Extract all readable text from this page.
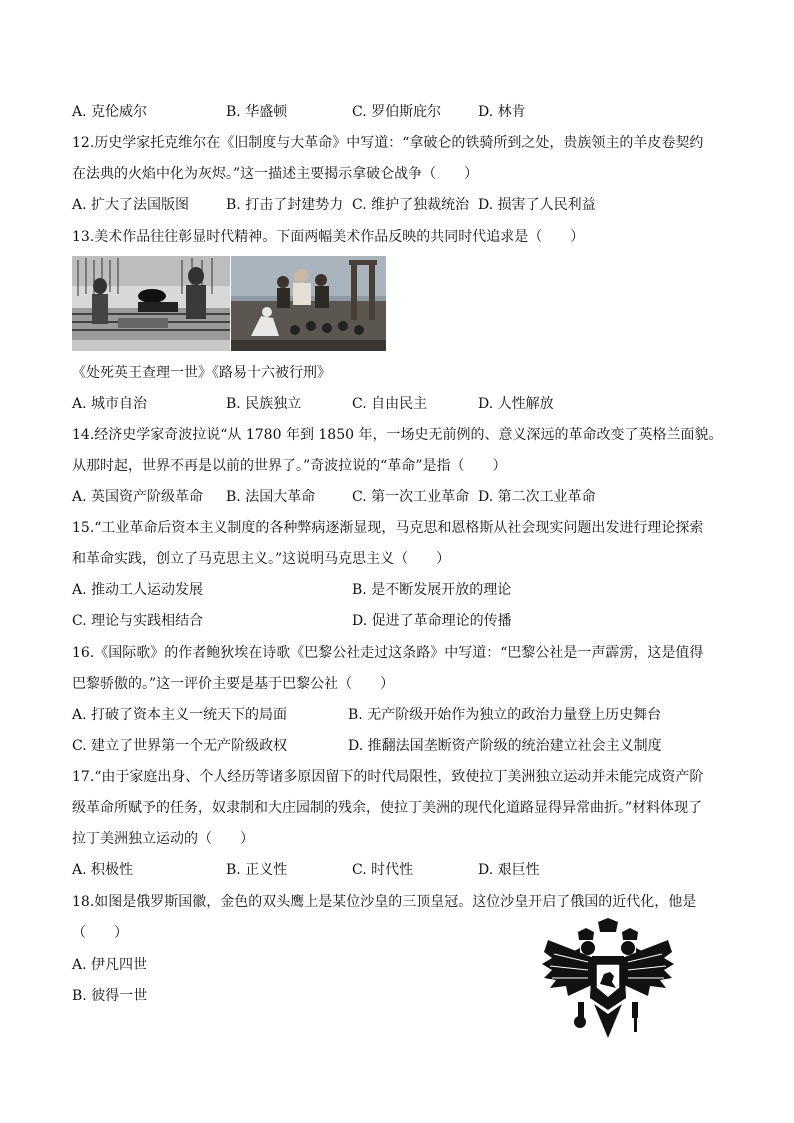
A. 克伦威尔	B. 华盛顿	C. 罗伯斯庇尔	D. 林肯
12.历史学家托克维尔在《旧制度与大革命》中写道：“拿破仑的铁骑所到之处，贵族领主的羊皮卷契约
在法典的火焰中化为灰烬。”这一描述主要揭示拿破仑战争（　　）
A. 扩大了法国版图	B. 打击了封建势力 C. 维护了独裁统治 D. 损害了人民利益
13.美术作品往往彰显时代精神。下面两幅美术作品反映的共同时代追求是（　　）
《处死英王查理一世》《路易十六被行刑》
A. 城市自治	B. 民族独立	C. 自由民主	D. 人性解放
14.经济史学家奇波拉说“从 1780 年到 1850 年，一场史无前例的、意义深远的革命改变了英格兰面貌。
从那时起，世界不再是以前的世界了。”奇波拉说的“革命”是指（　　）
A. 英国资产阶级革命 B. 法国大革命	C. 第一次工业革命 D. 第二次工业革命
15.“工业革命后资本主义制度的各种弊病逐渐显现，马克思和恩格斯从社会现实问题出发进行理论探索
和革命实践，创立了马克思主义。”这说明马克思主义（　　）
A. 推动工人运动发展	B. 是不断发展开放的理论
C. 理论与实践相结合	D. 促进了革命理论的传播
16.《国际歌》的作者鲍狄埃在诗歌《巴黎公社走过这条路》中写道：“巴黎公社是一声霹雳，这是值得
巴黎骄傲的。”这一评价主要是基于巴黎公社（　　）
A. 打破了资本主义一统天下的局面	B. 无产阶级开始作为独立的政治力量登上历史舞台
C. 建立了世界第一个无产阶级政权	D. 推翻法国垄断资产阶级的统治建立社会主义制度
17.“由于家庭出身、个人经历等诸多原因留下的时代局限性，致使拉丁美洲独立运动并未能完成资产阶
级革命所赋予的任务，奴隶制和大庄园制的残余，使拉丁美洲的现代化道路显得异常曲折。”材料体现了
拉丁美洲独立运动的（　　）
A. 积极性	B. 正义性	C. 时代性	D. 艰巨性
18.如图是俄罗斯国徽，金色的双头鹰上是某位沙皇的三顶皇冠。这位沙皇开启了俄国的近代化，他是
（　　）
A. 伊凡四世
B. 彼得一世
